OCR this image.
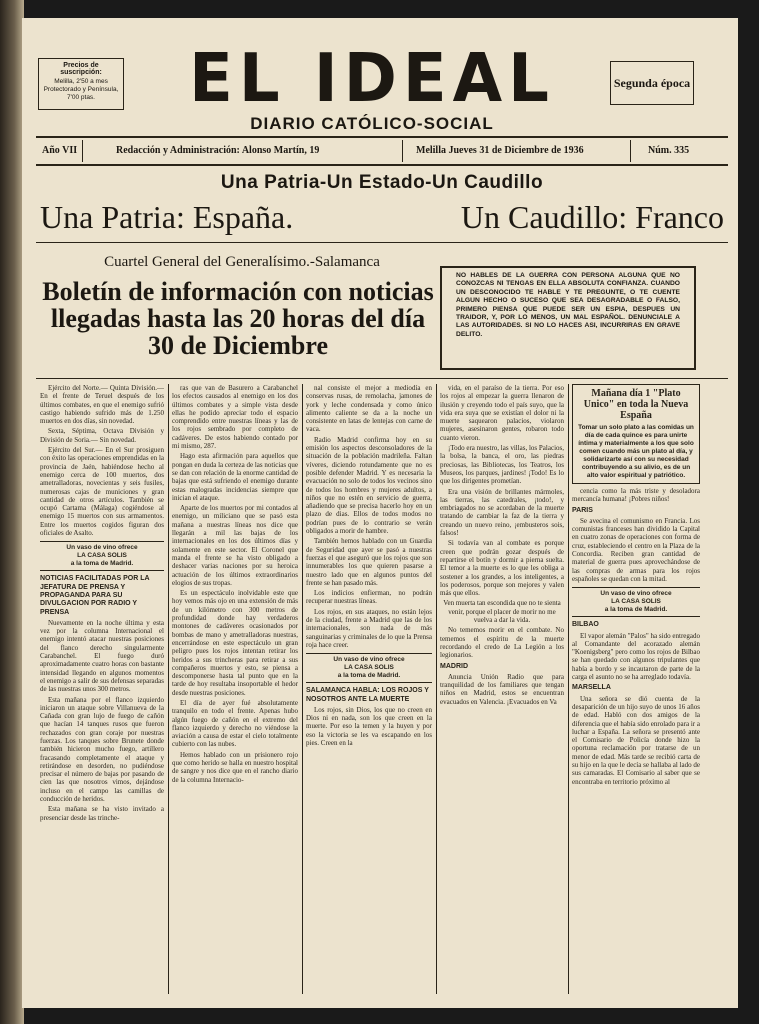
Precios de suscripción:
Melilla, 2'50 a mes Protectorado y Península, 7'00 ptas.	EL IDEAL
DIARIO CATÓLICO-SOCIAL
Segunda época
Año VII	Redacción y Administración: Alonso Martín, 19	Melilla Jueves 31 de Diciembre de 1936	Núm. 335
Una Patria-Un Estado-Un Caudillo
Una Patria: España.	Un Caudillo: Franco
Cuartel General del Generalísimo.-Salamanca
Boletín de información con noticias llegadas hasta las 20 horas del día 30 de Diciembre
NO HABLES DE LA GUERRA CON PERSONA ALGUNA QUE NO CONOZCAS NI TENGAS EN ELLA ABSOLUTA CONFIANZA. CUANDO UN DESCONOCIDO TE HABLE Y TE PREGUNTE, O TE CUENTE ALGUN HECHO O SUCESO QUE SEA DESAGRADABLE O FALSO, PRIMERO PIENSA QUE PUEDE SER UN ESPIA, DESPUES UN TRAIDOR, Y, POR LO MENOS, UN MAL ESPAÑOL. DENUNCIALE A LAS AUTORIDADES. SI NO LO HACES ASI, INCURRIRAS EN GRAVE DELITO.

Ejército del Norte.— Quinta División.— En el frente de Teruel después de los últimos combates, en que el enemigo sufrió castigo habiendo sufrido más de 1.250 muertos en dos días, sin novedad.

Sexta, Séptima, Octava División y División de Soria.— Sin novedad.

Ejército del Sur.— En el Sur prosiguen con éxito las operaciones emprendidas en la provincia de Jaén, habiéndose hecho al enemigo cerca de 100 muertos, dos ametralladoras, novecientas y seis fusiles, numerosas cajas de municiones y gran cantidad de otros artículos. También se ocupó Cartama (Málaga) cogiéndose al enemigo 15 muertos con sus armamentos. Entre los muertos cogidos figuran dos oficiales de Asalto.

Un vaso de vino ofrece
LA CASA SOLIS
a la toma de Madrid.

NOTICIAS FACILITADAS POR LA JEFATURA DE PRENSA Y PROPAGANDA PARA SU DIVULGACION POR RADIO Y PRENSA

Nuevamente en la noche última y esta vez por la columna Internacional el enemigo intentó atacar nuestras posiciones del flanco derecho singularmente Carabanchel. El fuego duró aproximadamente cuatro horas con bastante intensidad llegando en algunos momentos el enemigo a salir de sus defensas separadas de las nuestras unos 300 metros.

Esta mañana por el flanco izquierdo iniciaron un ataque sobre Villanueva de la Cañada con gran lujo de fuego de cañón que hacían 14 tanques rusos que fueron rechazados con gran coraje por nuestras fuerzas. Los tanques sobre Brunete donde también hicieron mucho fuego, artillero fracasando completamente el ataque y retirándose en desorden, no pudiéndose precisar el número de bajas por pasando de cien las que nosotros vimos, dejándose incluso en el campo las camillas de conducción de heridos.

Esta mañana se ha visto invitado a presenciar desde las trinche-

ras que van de Basurero a Carabanchel los efectos causados al enemigo en los dos últimos combates y a simple vista desde ellas he podido apreciar todo el espacio comprendido entre nuestras líneas y las de los rojos sembrado por completo de cadáveres. De estos habiendo contado por mi mismo, 287.

Hago esta afirmación para aquellos que pongan en duda la certeza de las noticias que se dan con relación de la enorme cantidad de bajas que está sufriendo el enemigo durante estas malogradas incidencias siempre que inician el ataque.

Aparte de los muertos por mi contados al enemigo, un miliciano que se pasó esta mañana a nuestras líneas nos dice que llegarán a mil las bajas de los internacionales en los dos últimos días y solamente en este sector. El Coronel que manda el frente se ha visto obligado a deshacer varias naciones por su heroica actuación de los últimos extraordinarios elogios de sus tropas.

Es un espectáculo inolvidable este que hoy vemos más ojo en una extensión de más de un kilómetro con 300 metros de profundidad donde hay verdaderos montones de cadáveres ocasionados por bombas de mano y ametralladoras nuestras, encerrándose en este espectáculo un gran peligro pues los rojos intentan retirar los heridos a sus trincheras para retirar a sus compañeros muertos y esto, se piensa a descomponerse hasta tal punto que en la tarde de hoy resultaba insoportable el hedor desde nuestras posiciones.

El día de ayer fué absolutamente tranquilo en todo el frente. Apenas hubo algún fuego de cañón en el extremo del flanco izquierdo y derecho no viéndose la aviación a causa de estar el cielo totalmente cubierto con las nubes.

Hemos hablado con un prisionero rojo que como herido se halla en nuestro hospital de sangre y nos dice que en el rancho diario de la columna Internacio-

nal consiste el mejor a mediodía en conservas rusas, de remolacha, jamones de york y leche condensada y como único alimento caliente se da a la noche un consistente en latas de lentejas con carne de vaca.

Radio Madrid confirma hoy en su emisión los aspectos desconsoladores de la situación de la población madrileña. Faltan víveres, diciendo rotundamente que no es posible defender Madrid. Y es necesaria la evacuación no solo de todos los vecinos sino de todos los hombres y mujeres adultos, a niños que no estén en servicio de guerra, añadiendo que se precisa hacerlo hoy en un plazo de dias. Ellos de todos modos no podrían pues de lo contrario se verán obligados a morir de hambre.

También hemos hablado con un Guardia de Seguridad que ayer se pasó a nuestras fuerzas el que aseguró que los rojos que son innumerables los que quieren pasarse a nuestro lado que en algunos puntos del frente se han pasado más.

Los indicios enfierman, no podrán recuperar nuestras líneas.

Los rojos, en sus ataques, no están lejos de la ciudad, frente a Madrid que las de los internacionales, son nada de más sanguinarias y criminales de lo que la Prensa roja hace creer.

Un vaso de vino ofrece
LA CASA SOLIS
a la toma de Madrid.

SALAMANCA HABLA: LOS ROJOS Y NOSOTROS ANTE LA MUERTE

Los rojos, sin Dios, los que no creen en Dios ni en nada, son los que creen en la muerte. Por eso la temen y la huyen y por eso la victoria se les va escapando en los pies. Creen en la

vida, en el paraíso de la tierra. Por eso los rojos al empezar la guerra llenaron de ilusión y creyendo todo el país suyo, que la vida era suya que se existían el dolor ni la muerte saquearon palacios, violaron mujeres, asesinaron gentes, robaron todo cuanto vieron.

¡Todo era nuestro, las villas, los Palacios, la bolsa, la banca, el oro, las piedras preciosas, las Bibliotecas, los Teatros, los Museos, los parques, jardines! ¡Todo! Es lo que los dirigentes prometían.

Era una visión de brillantes mármoles, las tierras, las catedrales, ¡todo!, y embriagados no se acordaban de la muerte tratando de cambiar la faz de la tierra y creando un nuevo reino, ¡embusteros sois, falsos!

Si todavía van al combate es porque creen que podrán gozar después de repartirse el botín y dormir a pierna suelta. El temor a la muerte es lo que les obliga a sostener a los grandes, a los inteligentes, a los poderosos, porque son mejores y valen más que ellos.

Ven muerta tan escondida que no te sienta venir, porque el placer de morir no me vuelva a dar la vida.

No tememos morir en el combate. No tememos el espíritu de la muerte recordando el credo de La Legión a los legionarios.

MADRID

Anuncia Unión Radio que para tranquilidad de los familiares que tengan niños en Madrid, estos se encuentran evacuados en Valencia. ¡Evacuados en Va

Mañana día 1 "Plato Unico" en toda la Nueva España
Tomar un solo plato a las comidas un día de cada quince es para unirte íntima y materialmente a los que solo comen cuando más un plato al día, y solidarizarte así con su necesidad contribuyendo a su alivio, es de un alto valor espiritual y patriótico.

cencia como la más triste y desoladora mercancía humana! ¡Pobres niños!

PARIS

Se avecina el comunismo en Francia. Los comunistas franceses han dividido la Capital en cuatro zonas de operaciones con forma de cruz, estableciendo el centro en la Plaza de la Concordia. Reciben gran cantidad de material de guerra pues aprovechándose de las compras de armas para los rojos españoles se quedan con la mitad.

Un vaso de vino ofrece
LA CASA SOLIS
a la toma de Madrid.

BILBAO

El vapor alemán "Palos" ha sido entregado al Comandante del acorazado alemán "Koenigsberg" pero como los rojos de Bilbao se han quedado con algunos tripulantes que había a bordo y se incautaron de parte de la carga el asunto no se ha arreglado todavía.

MARSELLA

Una señora se dió cuenta de la desaparición de un hijo suyo de unos 16 años de edad. Habló con dos amigos de la diferencia que el había sido enrolado para ir a luchar a España. La señora se presentó ante el Comisario de Policía donde hizo la oportuna reclamación por tratarse de un menor de edad. Más tarde se recibió carta de su hijo en la que le decía se hallaba al lado de sus camaradas. El Comisario al saber que se encontraba en territorio próximo al
